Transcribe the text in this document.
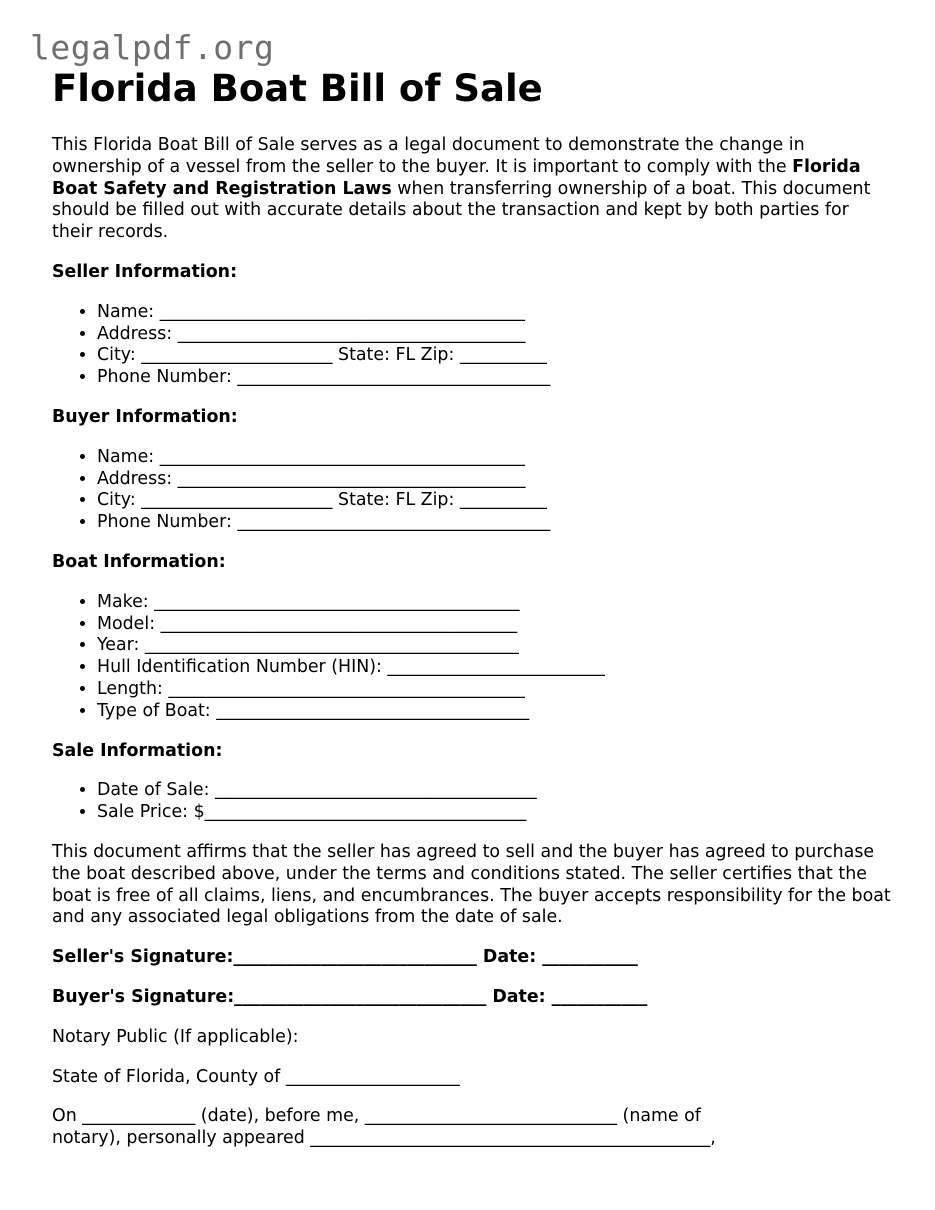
legalpdf.org
Florida Boat Bill of Sale

This Florida Boat Bill of Sale serves as a legal document to demonstrate the change in ownership of a vessel from the seller to the buyer. It is important to comply with the Florida Boat Safety and Registration Laws when transferring ownership of a boat. This document should be filled out with accurate details about the transaction and kept by both parties for their records.

Seller Information:
• Name: __________________________________________
• Address: ________________________________________
• City: ______________________ State: FL Zip: __________
• Phone Number: ____________________________________
Buyer Information:
• Name: __________________________________________
• Address: ________________________________________
• City: ______________________ State: FL Zip: __________
• Phone Number: ____________________________________
Boat Information:
• Make: __________________________________________
• Model: _________________________________________
• Year: ___________________________________________
• Hull Identification Number (HIN): _________________________
• Length: _________________________________________
• Type of Boat: ____________________________________
Sale Information:
• Date of Sale: _____________________________________
• Sale Price: $_____________________________________

This document affirms that the seller has agreed to sell and the buyer has agreed to purchase the boat described above, under the terms and conditions stated. The seller certifies that the boat is free of all claims, liens, and encumbrances. The buyer accepts responsibility for the boat and any associated legal obligations from the date of sale.

Seller's Signature:____________________________ Date: ___________

Buyer's Signature:_____________________________ Date: ___________

Notary Public (If applicable):

State of Florida, County of ____________________

On _____________ (date), before me, _____________________________ (name of
notary), personally appeared ______________________________________________,
